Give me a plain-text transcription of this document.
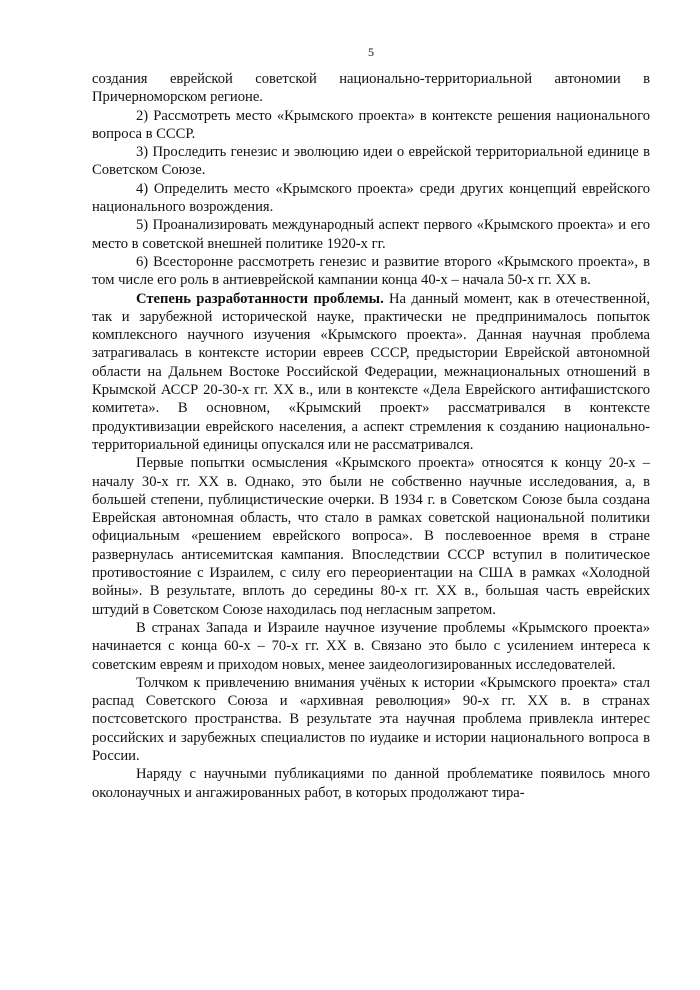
5

создания еврейской советской национально-территориальной автономии в Причерноморском регионе.

2) Рассмотреть место «Крымского проекта» в контексте решения национального вопроса в СССР.

3) Проследить генезис и эволюцию идеи о еврейской территориальной единице в Советском Союзе.

4) Определить место «Крымского проекта» среди других концепций еврейского национального возрождения.

5) Проанализировать международный аспект первого «Крымского проекта» и его место в советской внешней политике 1920-х гг.

6) Всесторонне рассмотреть генезис и развитие второго «Крымского проекта», в том числе его роль в антиеврейской кампании конца 40-х – начала 50-х гг. XX в.

Степень разработанности проблемы. На данный момент, как в отечественной, так и зарубежной исторической науке, практически не предпринималось попыток комплексного научного изучения «Крымского проекта». Данная научная проблема затрагивалась в контексте истории евреев СССР, предыстории Еврейской автономной области на Дальнем Востоке Российской Федерации, межнациональных отношений в Крымской АССР 20-30-х гг. XX в., или в контексте «Дела Еврейского антифашистского комитета». В основном, «Крымский проект» рассматривался в контексте продуктивизации еврейского населения, а аспект стремления к созданию национально-территориальной единицы опускался или не рассматривался.

Первые попытки осмысления «Крымского проекта» относятся к концу 20-х – началу 30-х гг. XX в. Однако, это были не собственно научные исследования, а, в большей степени, публицистические очерки. В 1934 г. в Советском Союзе была создана Еврейская автономная область, что стало в рамках советской национальной политики официальным «решением еврейского вопроса». В послевоенное время в стране развернулась антисемитская кампания. Впоследствии СССР вступил в политическое противостояние с Израилем, с силу его переориентации на США в рамках «Холодной войны». В результате, вплоть до середины 80-х гг. XX в., большая часть еврейских штудий в Советском Союзе находилась под негласным запретом.

В странах Запада и Израиле научное изучение проблемы «Крымского проекта» начинается с конца 60-х – 70-х гг. XX в. Связано это было с усилением интереса к советским евреям и приходом новых, менее заидеологизированных исследователей.

Толчком к привлечению внимания учёных к истории «Крымского проекта» стал распад Советского Союза и «архивная революция» 90-х гг. XX в. в странах постсоветского пространства. В результате эта научная проблема привлекла интерес российских и зарубежных специалистов по иудаике и истории национального вопроса в России.

Наряду с научными публикациями по данной проблематике появилось много околонаучных и ангажированных работ, в которых продолжают тира-
